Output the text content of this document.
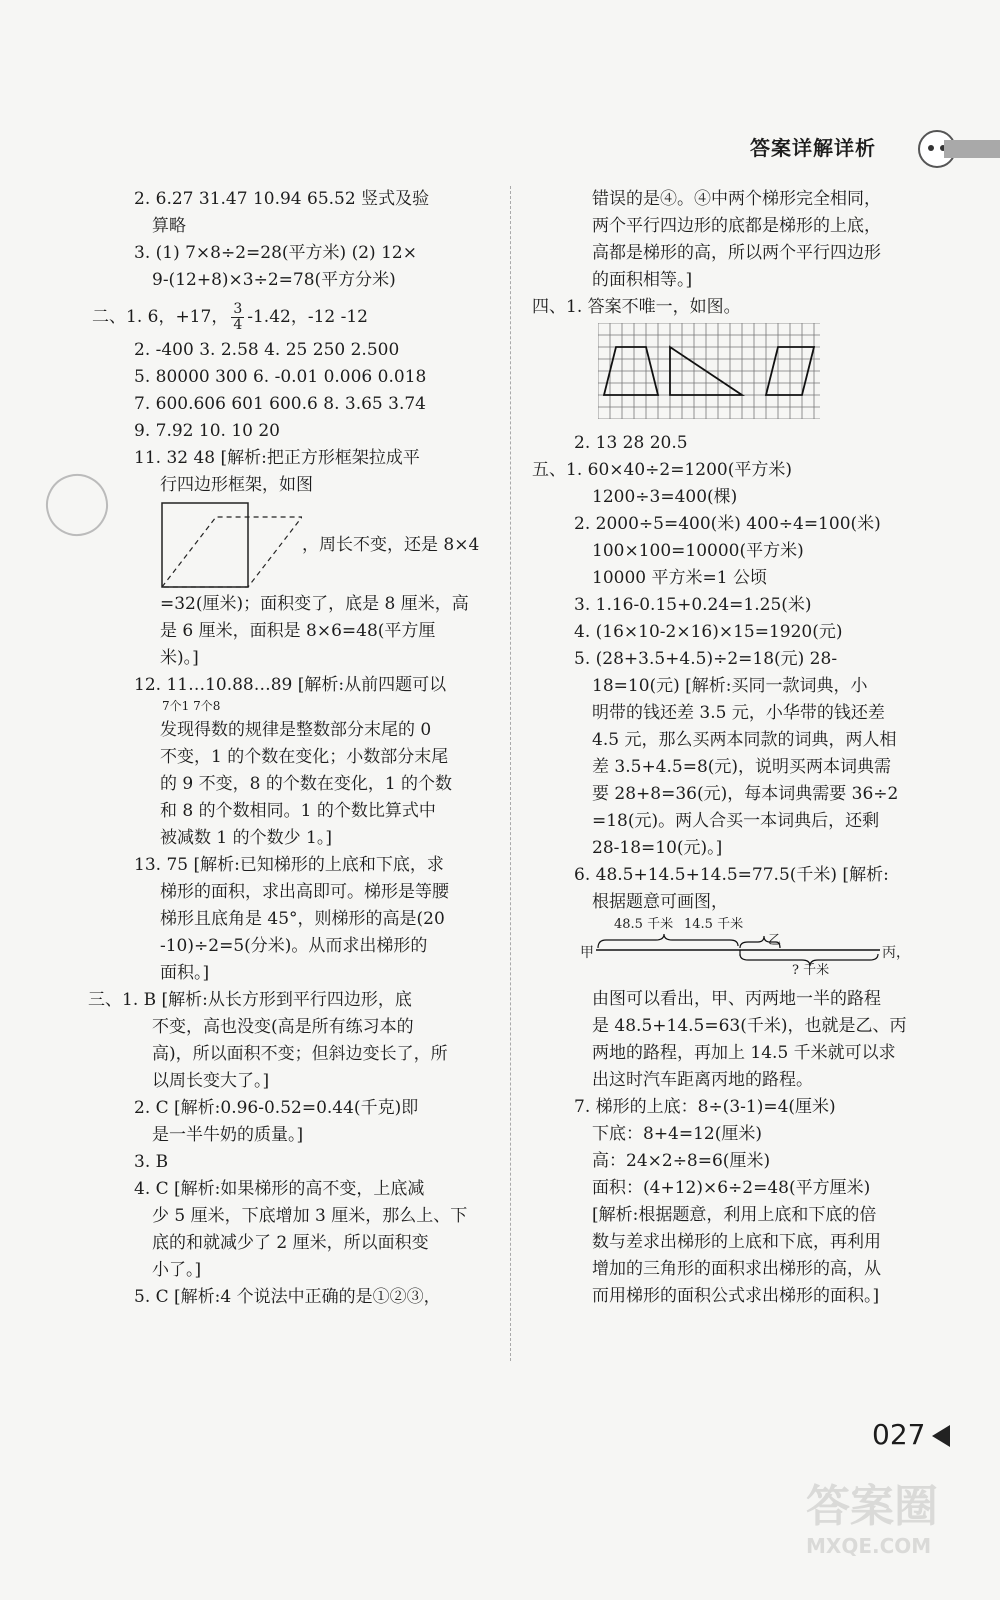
答案详解详析
2. 6.27 31.47 10.94 65.52 竖式及验
算略
3. (1) 7×8÷2=28(平方米) (2) 12×
9-(12+8)×3÷2=78(平方分米)
二、1. 6，+17， $\frac{3}{4} -1.42$，-12 -12
2. -400 3. 2.58 4. 25 250 2.500
5. 80000 300 6. -0.01 0.006 0.018
7. 600.606 601 600.6 8. 3.65 3.74
9. 7.92 10. 10 20
11. 32 48 [解析:把正方形框架拉成平
行四边形框架，如图
，周长不变，还是 8×4
=32(厘米)；面积变了，底是 8 厘米，高
是 6 厘米，面积是 8×6=48(平方厘
米)。]
12. 11…10.88…89 [解析:从前四题可以
7个1 7个8
发现得数的规律是整数部分末尾的 0
不变，1 的个数在变化；小数部分末尾
的 9 不变，8 的个数在变化，1 的个数
和 8 的个数相同。1 的个数比算式中
被减数 1 的个数少 1。]
13. 75 [解析:已知梯形的上底和下底，求
梯形的面积，求出高即可。梯形是等腰
梯形且底角是 45°，则梯形的高是(20
-10)÷2=5(分米)。从而求出梯形的
面积。]
三、1. B [解析:从长方形到平行四边形，底
不变，高也没变(高是所有练习本的
高)，所以面积不变；但斜边变长了，所
以周长变大了。]
2. C [解析:0.96-0.52=0.44(千克)即
是一半牛奶的质量。]
3. B
4. C [解析:如果梯形的高不变，上底减
少 5 厘米，下底增加 3 厘米，那么上、下
底的和就减少了 2 厘米，所以面积变
小了。]
5. C [解析:4 个说法中正确的是①②③，
错误的是④。④中两个梯形完全相同，
两个平行四边形的底都是梯形的上底，
高都是梯形的高，所以两个平行四边形
的面积相等。]
四、1. 答案不唯一，如图。
2. 13 28 20.5
五、1. 60×40÷2=1200(平方米)
1200÷3=400(棵)
2. 2000÷5=400(米) 400÷4=100(米)
100×100=10000(平方米)
10000 平方米=1 公顷
3. 1.16-0.15+0.24=1.25(米)
4. (16×10-2×16)×15=1920(元)
5. (28+3.5+4.5)÷2=18(元) 28-
18=10(元) [解析:买同一款词典，小
明带的钱还差 3.5 元，小华带的钱还差
4.5 元，那么买两本同款的词典，两人相
差 3.5+4.5=8(元)，说明买两本词典需
要 28+8=36(元)，每本词典需要 36÷2
=18(元)。两人合买一本词典后，还剩
28-18=10(元)。]
6. 48.5+14.5+14.5=77.5(千米) [解析:
根据题意可画图，
甲
48.5 千米 14.5 千米
乙
丙，
? 千米
由图可以看出，甲、丙两地一半的路程
是 48.5+14.5=63(千米)，也就是乙、丙
两地的路程，再加上 14.5 千米就可以求
出这时汽车距离丙地的路程。
7. 梯形的上底：8÷(3-1)=4(厘米)
下底：8+4=12(厘米)
高：24×2÷8=6(厘米)
面积：(4+12)×6÷2=48(平方厘米)
[解析:根据题意，利用上底和下底的倍
数与差求出梯形的上底和下底，再利用
增加的三角形的面积求出梯形的高，从
而用梯形的面积公式求出梯形的面积。]
027
答案圈
MXQE.COM
